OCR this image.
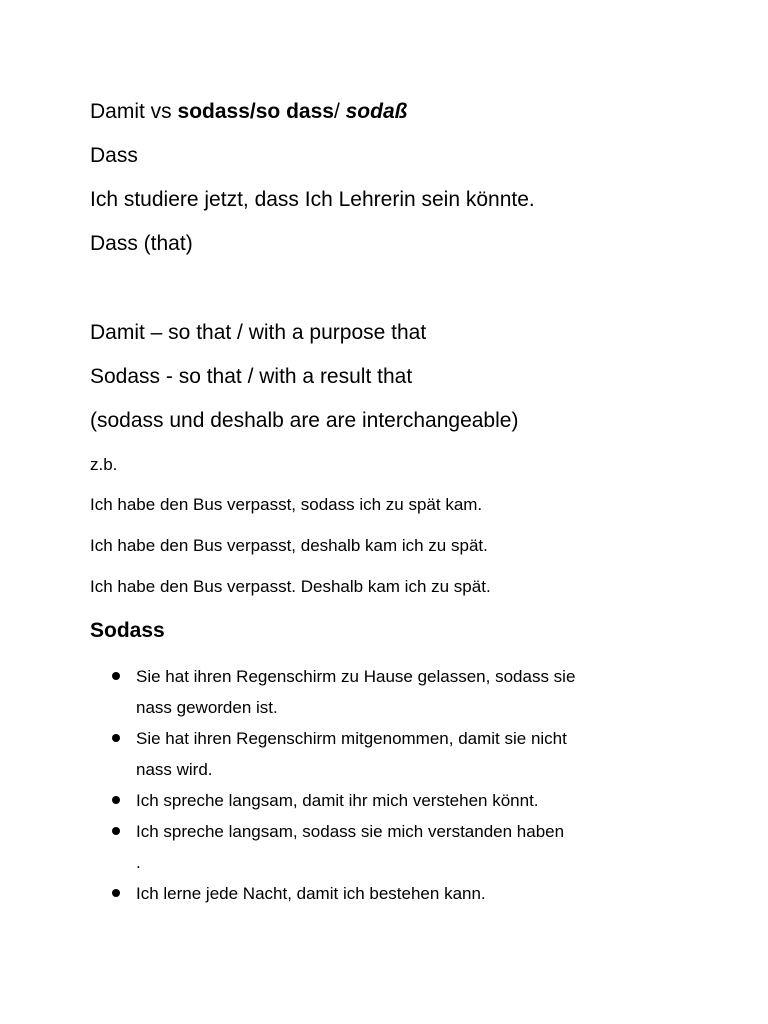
Damit vs sodass/so dass/ sodaß
Dass
Ich studiere jetzt, dass Ich Lehrerin sein könnte.
Dass (that)
Damit – so that / with a purpose that
Sodass - so that / with a result that
(sodass und deshalb are are interchangeable)
z.b.
Ich habe den Bus verpasst, sodass ich zu spät kam.
Ich habe den Bus verpasst, deshalb kam ich zu spät.
Ich habe den Bus verpasst. Deshalb kam ich zu spät.
Sodass
Sie hat ihren Regenschirm zu Hause gelassen, sodass sie
nass geworden ist.
Sie hat ihren Regenschirm mitgenommen, damit sie nicht
nass wird.
Ich spreche langsam, damit ihr mich verstehen könnt.
Ich spreche langsam, sodass sie mich verstanden haben
.
Ich lerne jede Nacht, damit ich bestehen kann.
